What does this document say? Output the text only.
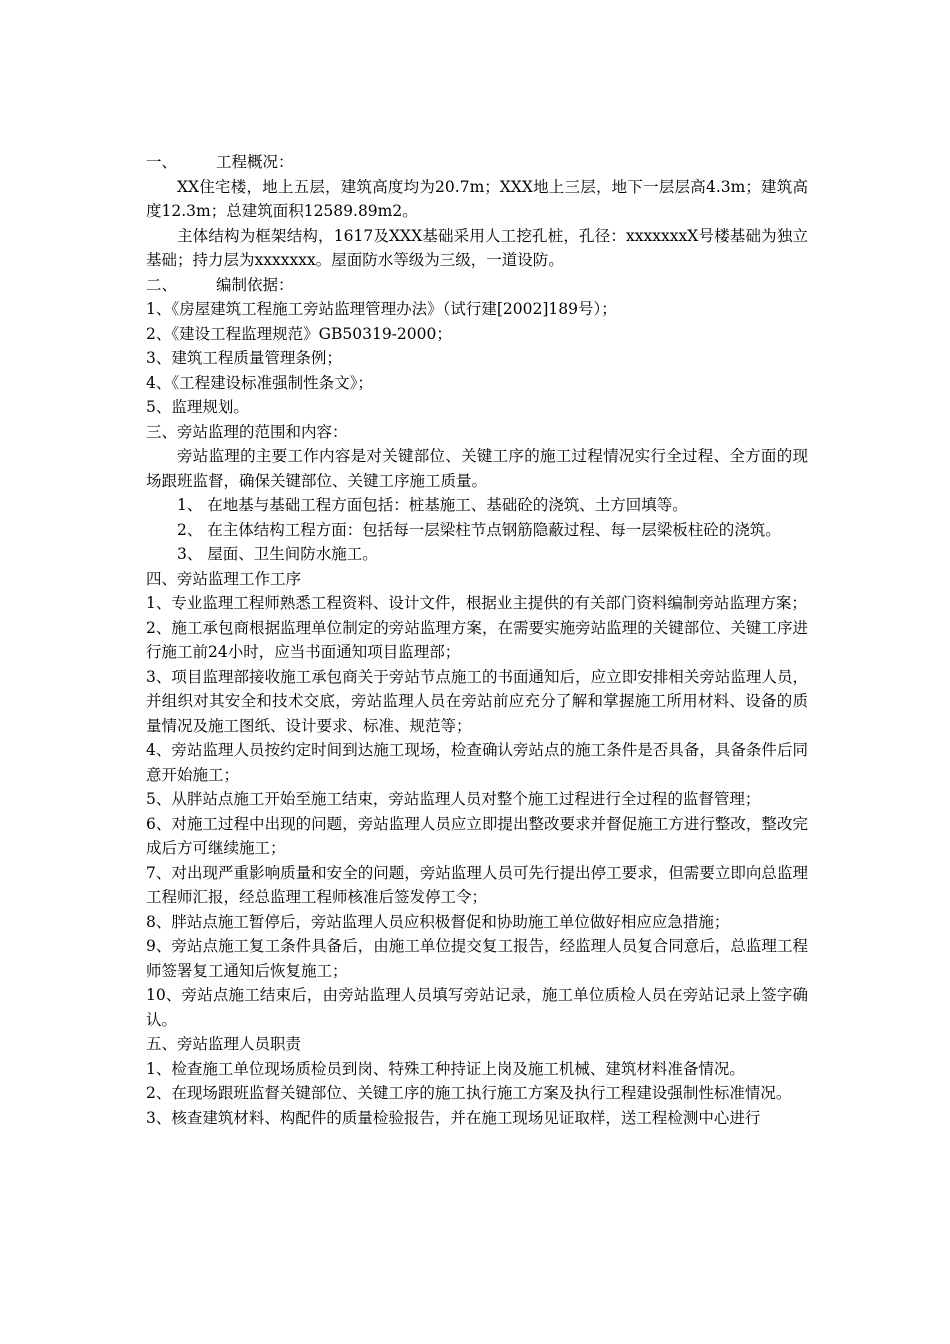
一、	工程概况：

XX住宅楼，地上五层，建筑高度均为20.7m；XXX地上三层，地下一层层高4.3m；建筑高度12.3m；总建筑面积12589.89m2。

主体结构为框架结构，1617及XXX基础采用人工挖孔桩，孔径：xxxxxxxX号楼基础为独立基础；持力层为xxxxxxx。屋面防水等级为三级，一道设防。

二、	编制依据：

1、《房屋建筑工程施工旁站监理管理办法》（试行建[2002]189号）；

2、《建设工程监理规范》GB50319-2000；

3、建筑工程质量管理条例；

4、《工程建设标准强制性条文》；

5、监理规划。

三、旁站监理的范围和内容：

旁站监理的主要工作内容是对关键部位、关键工序的施工过程情况实行全过程、全方面的现场跟班监督，确保关键部位、关键工序施工质量。

1、 在地基与基础工程方面包括：桩基施工、基础砼的浇筑、土方回填等。

2、 在主体结构工程方面：包括每一层梁柱节点钢筋隐蔽过程、每一层梁板柱砼的浇筑。

3、 屋面、卫生间防水施工。

四、旁站监理工作工序

1、专业监理工程师熟悉工程资料、设计文件，根据业主提供的有关部门资料编制旁站监理方案；

2、施工承包商根据监理单位制定的旁站监理方案，在需要实施旁站监理的关键部位、关键工序进行施工前24小时，应当书面通知项目监理部；

3、项目监理部接收施工承包商关于旁站节点施工的书面通知后，应立即安排相关旁站监理人员，并组织对其安全和技术交底，旁站监理人员在旁站前应充分了解和掌握施工所用材料、设备的质量情况及施工图纸、设计要求、标准、规范等；

4、旁站监理人员按约定时间到达施工现场，检查确认旁站点的施工条件是否具备，具备条件后同意开始施工；

5、从胖站点施工开始至施工结束，旁站监理人员对整个施工过程进行全过程的监督管理；

6、对施工过程中出现的问题，旁站监理人员应立即提出整改要求并督促施工方进行整改，整改完成后方可继续施工；

7、对出现严重影响质量和安全的问题，旁站监理人员可先行提出停工要求，但需要立即向总监理工程师汇报，经总监理工程师核准后签发停工令；

8、胖站点施工暂停后，旁站监理人员应积极督促和协助施工单位做好相应应急措施；

9、旁站点施工复工条件具备后，由施工单位提交复工报告，经监理人员复合同意后，总监理工程师签署复工通知后恢复施工；

10、旁站点施工结束后，由旁站监理人员填写旁站记录，施工单位质检人员在旁站记录上签字确认。

五、旁站监理人员职责

1、检查施工单位现场质检员到岗、特殊工种持证上岗及施工机械、建筑材料准备情况。

2、在现场跟班监督关键部位、关键工序的施工执行施工方案及执行工程建设强制性标准情况。

3、核查建筑材料、构配件的质量检验报告，并在施工现场见证取样，送工程检测中心进行
